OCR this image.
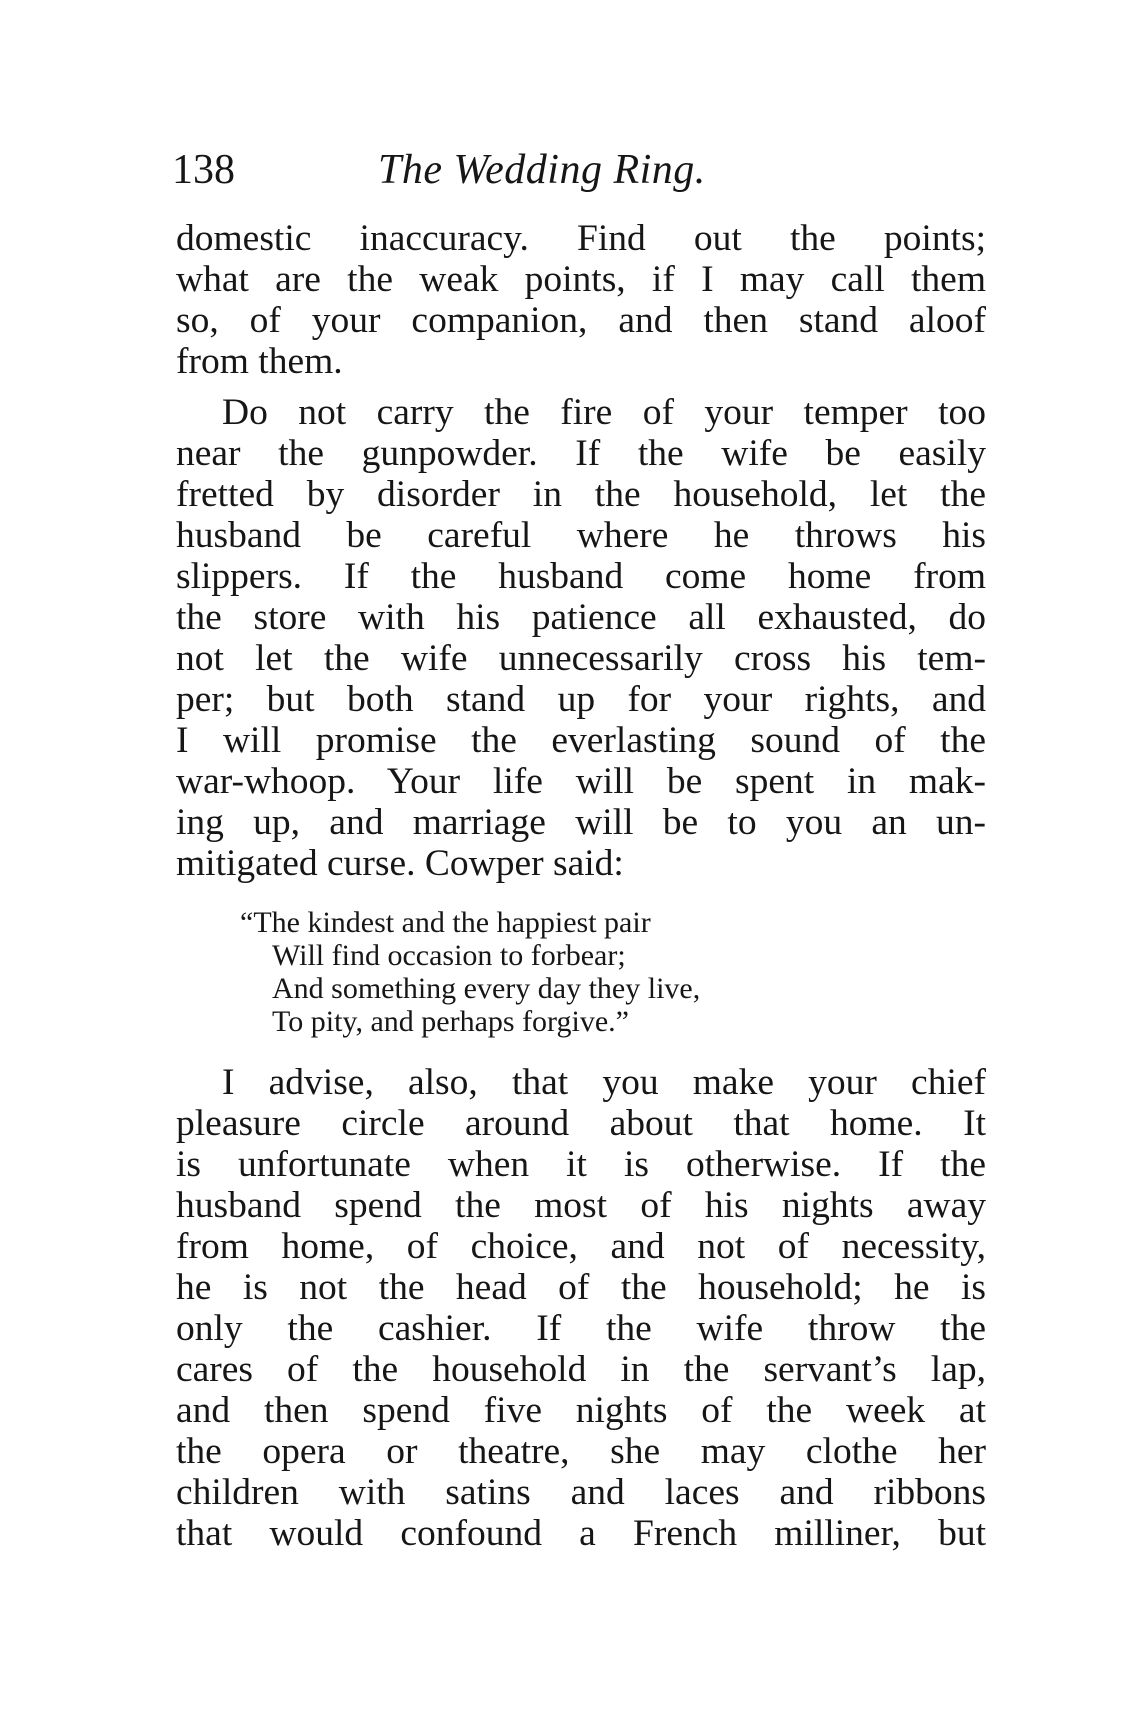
138	The Wedding Ring.
domestic inaccuracy. Find out the points;
what are the weak points, if I may call them
so, of your companion, and then stand aloof
from them.
Do not carry the fire of your temper too
near the gunpowder. If the wife be easily
fretted by disorder in the household, let the
husband be careful where he throws his
slippers. If the husband come home from
the store with his patience all exhausted, do
not let the wife unnecessarily cross his tem-
per; but both stand up for your rights, and
I will promise the everlasting sound of the
war-whoop. Your life will be spent in mak-
ing up, and marriage will be to you an un-
mitigated curse. Cowper said:
“The kindest and the happiest pair
Will find occasion to forbear;
And something every day they live,
To pity, and perhaps forgive.”
I advise, also, that you make your chief
pleasure circle around about that home. It
is unfortunate when it is otherwise. If the
husband spend the most of his nights away
from home, of choice, and not of necessity,
he is not the head of the household; he is
only the cashier. If the wife throw the
cares of the household in the servant’s lap,
and then spend five nights of the week at
the opera or theatre, she may clothe her
children with satins and laces and ribbons
that would confound a French milliner, but
